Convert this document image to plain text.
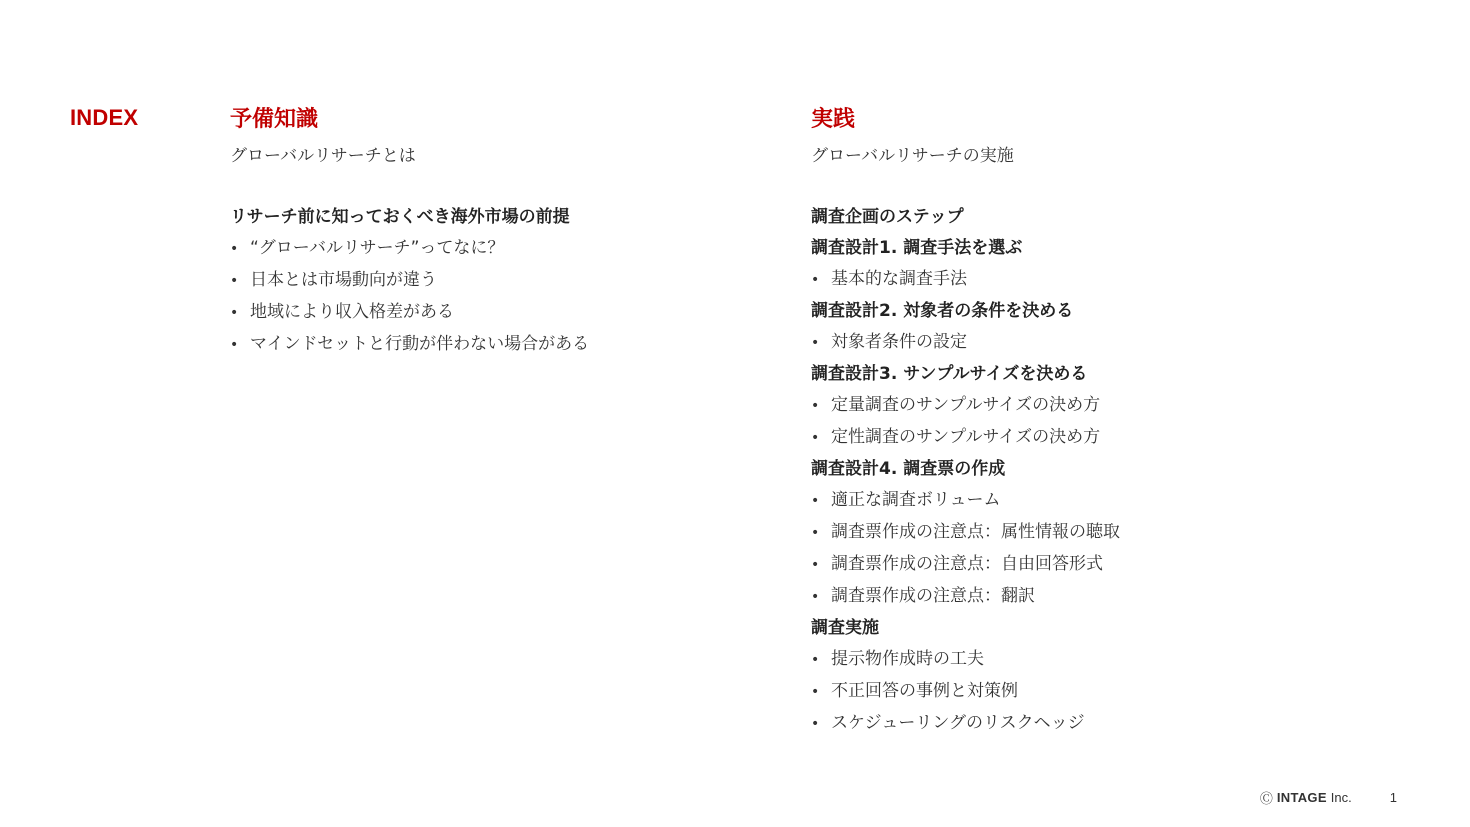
INDEX	予備知識
グローバルリサーチとは
リサーチ前に知っておくべき海外市場の前提
• “グローバルリサーチ”ってなに？
• 日本とは市場動向が違う
• 地域により収入格差がある
• マインドセットと行動が伴わない場合がある
実践
グローバルリサーチの実施
調査企画のステップ
調査設計1. 調査手法を選ぶ
• 基本的な調査手法
調査設計2. 対象者の条件を決める
• 対象者条件の設定
調査設計3. サンプルサイズを決める
• 定量調査のサンプルサイズの決め方
• 定性調査のサンプルサイズの決め方
調査設計4. 調査票の作成
• 適正な調査ボリューム
• 調査票作成の注意点：属性情報の聴取
• 調査票作成の注意点：自由回答形式
• 調査票作成の注意点：翻訳
調査実施
• 提示物作成時の工夫
• 不正回答の事例と対策例
• スケジューリングのリスクヘッジ
Ⓒ INTAGE Inc.	1
